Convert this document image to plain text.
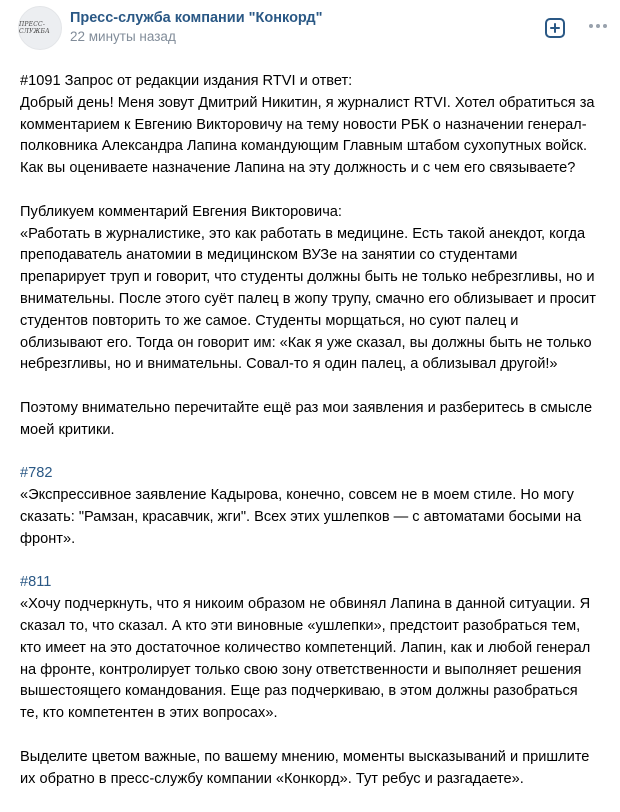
ПРЕСС-СЛУЖБА
Пресс-служба компании "Конкорд"
22 минуты назад
#1091 Запрос от редакции издания RTVI и ответ:
Добрый день! Меня зовут Дмитрий Никитин, я журналист RTVI. Хотел обратиться за
комментарием к Евгению Викторовичу на тему новости РБК о назначении генерал-
полковника Александра Лапина командующим Главным штабом сухопутных войск.
Как вы оцениваете назначение Лапина на эту должность и с чем его связываете?
Публикуем комментарий Евгения Викторовича:
«Работать в журналистике, это как работать в медицине. Есть такой анекдот, когда
преподаватель анатомии в медицинском ВУЗе на занятии со студентами
препарирует труп и говорит, что студенты должны быть не только небрезгливы, но и
внимательны. После этого суёт палец в жопу трупу, смачно его облизывает и просит
студентов повторить то же самое. Студенты морщаться, но суют палец и
облизывают его. Тогда он говорит им: «Как я уже сказал, вы должны быть не только
небрезгливы, но и внимательны. Совал-то я один палец, а облизывал другой!»
Поэтому внимательно перечитайте ещё раз мои заявления и разберитесь в смысле
моей критики.
#782
«Экспрессивное заявление Кадырова, конечно, совсем не в моем стиле. Но могу
сказать: "Рамзан, красавчик, жги". Всех этих ушлепков — с автоматами босыми на
фронт».
#811
«Хочу подчеркнуть, что я никоим образом не обвинял Лапина в данной ситуации. Я
сказал то, что сказал. А кто эти виновные «ушлепки», предстоит разобраться тем,
кто имеет на это достаточное количество компетенций. Лапин, как и любой генерал
на фронте, контролирует только свою зону ответственности и выполняет решения
вышестоящего командования. Еще раз подчеркиваю, в этом должны разобраться
те, кто компетентен в этих вопросах».
Выделите цветом важные, по вашему мнению, моменты высказываний и пришлите
их обратно в пресс-службу компании «Конкорд». Тут ребус и разгадаете».
